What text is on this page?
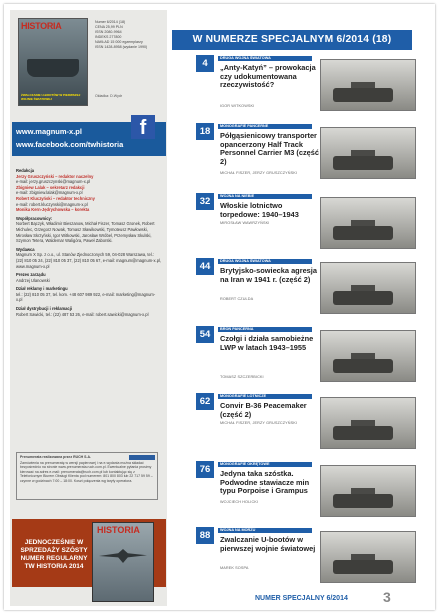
HISTORIA
ŻWALCZANIE U-BOOTÓW W PIERWSZEJ WOJNIE ŚWIATOWEJ
Numer 6/2014 (18)
CENA 25,99 PLN
ISSN 2080-9964
INDEKS 277800
NAKŁAD 15 000 egzemplarzy
ISSN 1428-8958 (wydanie 1990)
Okładka: D.Wydr
www.magnum-x.pl
www.facebook.com/twhistoria
f
Redakcja
Jerzy Gruszczyński – redaktor naczelny
e-mail: jerzy.gruszczynski@magnum-x.pl
Zbigniew Lalak – sekretarz redakcji
e-mail: zbigniew.lalak@magnum-x.pl
Robert Kluczyński – redaktor techniczny
e-mail: robert.kluczynski@magnum-x.pl
Monika Kern-Jędrychowska – korekta
Współpracownicy:
Norbert Bączyk, Władimir Bieszanow, Michał Fiszer, Tomasz Gronek, Robert Michulec, Grzegorz Nowak, Tomasz Sławikowski, Tymoteusz Pawłowski, Mirosław Skrzyński, Igor Witkowski, Jarosław Wróbel, Przemysław Skulski, Szymon Tetera, Waldemar Waligóra, Paweł Zaborski.
Wydawca
Magnum X Sp. z o.o., ul. Stanów Zjednoczonych 59, 04-028 Warszawa, tel.: (22) 810 05 24, (22) 810 05 37, (22) 810 05 67, e-mail: magnum@magnum-x.pl, www.magnum-x.pl
Prezes zarządu
Andrzej Ulanowski
Dział reklamy i marketingu
tel.: (22) 810 05 37, tel. kom. +48 607 989 922, e-mail: marketing@magnum-x.pl
Dział dystrybucji i reklamacji
Robert Sawicki, tel.: (22) 487 53 26, e-mail: robert.sawicki@magnum-x.pl
Prenumerata realizowana przez RUCH S.A.
Zamówienia na prenumeratę w wersji papierowej i na e-wydania można składać bezpośrednio na stronie www.prenumerata.ruch.com.pl. Ewentualne pytania prosimy kierować na adres e-mail: prenumerata@ruch.com.pl lub kontaktując się z Telefonicznym Biurem Obsługi Klienta pod numerem: 801 800 803 lub 22 717 59 59 – czynne w godzinach 7:00 – 18:00. Koszt połączenia wg taryfy operatora.
JEDNOCZEŚNIE W SPRZEDAŻY SZÓSTY NUMER REGULARNY TW HISTORIA 2014
HISTORIA
W NUMERZE SPECJALNYM 6/2014 (18)
4	DRUGA WOJNA ŚWIATOWA
„Anty-Katyń” – prowokacja czy udokumentowana rzeczywistość?
IGOR WITKOWSKI
18	MONOGRAFIE PANCERNE
Półgąsienicowy transporter opancerzony Half Track Personnel Carrier M3 (część 2)
MICHAŁ FISZER, JERZY GRUSZCZYŃSKI
32	WOJNA NA NIEBIE
Włoskie lotnictwo torpedowe: 1940–1943
MIROSŁAW WAWRZYŃSKI
44	DRUGA WOJNA ŚWIATOWA
Brytyjsko-sowiecka agresja na Iran w 1941 r. (część 2)
ROBERT CZULDA
54	BROŃ PANCERNA
Czołgi i działa samobieżne LWP w latach 1943–1955
TOMASZ SZCZERBICKI
62	MONOGRAFIE LOTNICZE
Convir B-36 Peacemaker (część 2)
MICHAŁ FISZER, JERZY GRUSZCZYŃSKI
76	MONOGRAFIE OKRĘTOWE
Jedyna taka szóstka. Podwodne stawiacze min typu Porpoise i Grampus
WOJCIECH HOLICKI
88	WOJNA NA MORZU
Zwalczanie U-bootów w pierwszej wojnie światowej
MAREK SOSPA
NUMER SPECJALNY 6/2014	3
